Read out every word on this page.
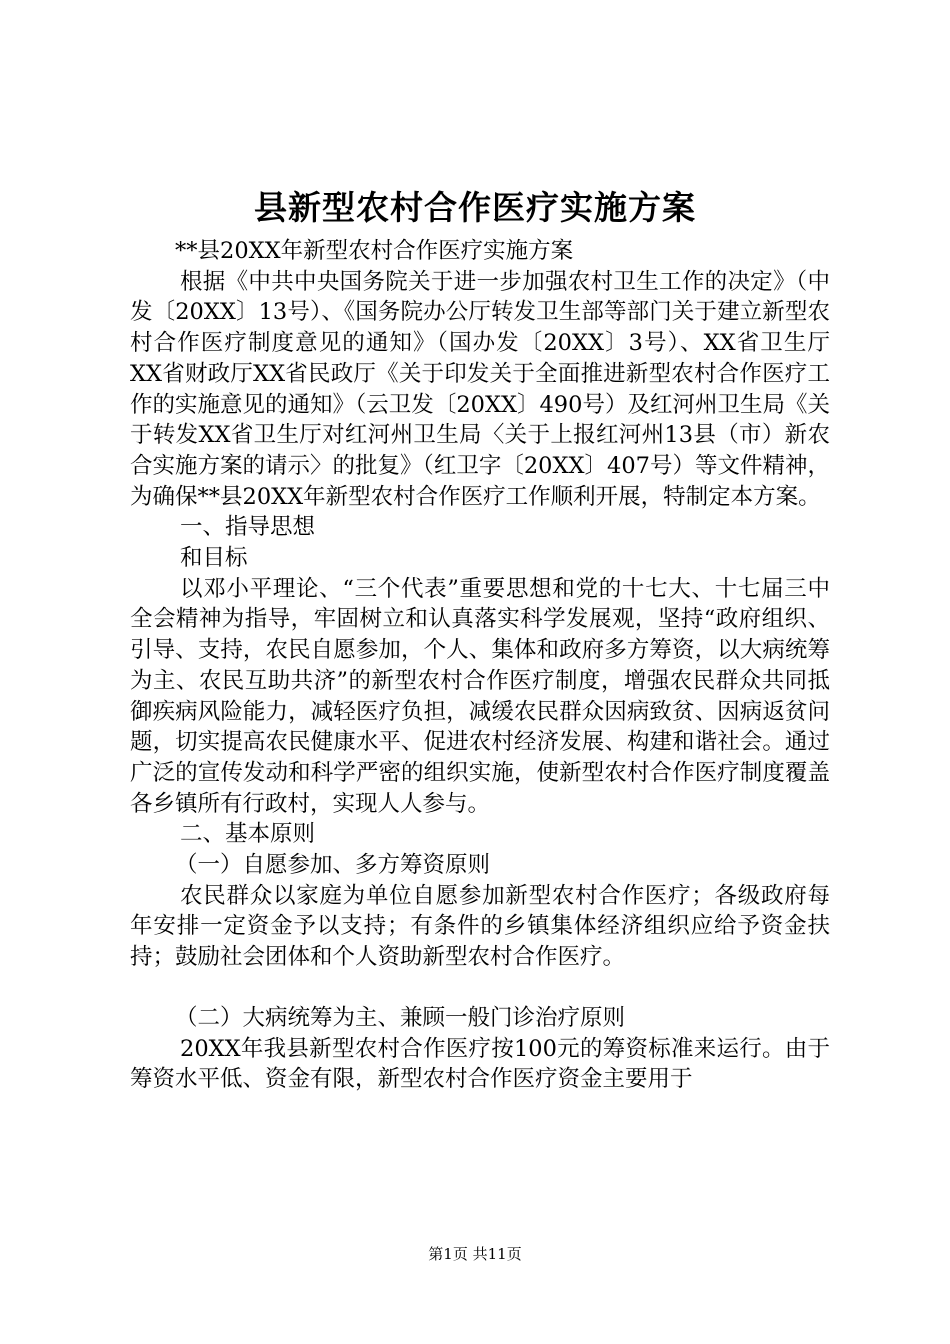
县新型农村合作医疗实施方案

**县20XX年新型农村合作医疗实施方案

根据《中共中央国务院关于进一步加强农村卫生工作的决定》（中发〔20XX〕13号）、《国务院办公厅转发卫生部等部门关于建立新型农村合作医疗制度意见的通知》（国办发〔20XX〕3号）、XX省卫生厅XX省财政厅XX省民政厅《关于印发关于全面推进新型农村合作医疗工作的实施意见的通知》（云卫发〔20XX〕490号）及红河州卫生局《关于转发XX省卫生厅对红河州卫生局〈关于上报红河州13县（市）新农合实施方案的请示〉的批复》（红卫字〔20XX〕407号）等文件精神，为确保**县20XX年新型农村合作医疗工作顺利开展，特制定本方案。

一、指导思想

和目标

以邓小平理论、“三个代表”重要思想和党的十七大、十七届三中全会精神为指导，牢固树立和认真落实科学发展观，坚持“政府组织、引导、支持，农民自愿参加，个人、集体和政府多方筹资，以大病统筹为主、农民互助共济”的新型农村合作医疗制度，增强农民群众共同抵御疾病风险能力，减轻医疗负担，减缓农民群众因病致贫、因病返贫问题，切实提高农民健康水平、促进农村经济发展、构建和谐社会。通过广泛的宣传发动和科学严密的组织实施，使新型农村合作医疗制度覆盖各乡镇所有行政村，实现人人参与。

二、基本原则

（一）自愿参加、多方筹资原则

农民群众以家庭为单位自愿参加新型农村合作医疗；各级政府每年安排一定资金予以支持；有条件的乡镇集体经济组织应给予资金扶持；鼓励社会团体和个人资助新型农村合作医疗。

（二）大病统筹为主、兼顾一般门诊治疗原则

20XX年我县新型农村合作医疗按100元的筹资标准来运行。由于筹资水平低、资金有限，新型农村合作医疗资金主要用于

第1页 共11页
